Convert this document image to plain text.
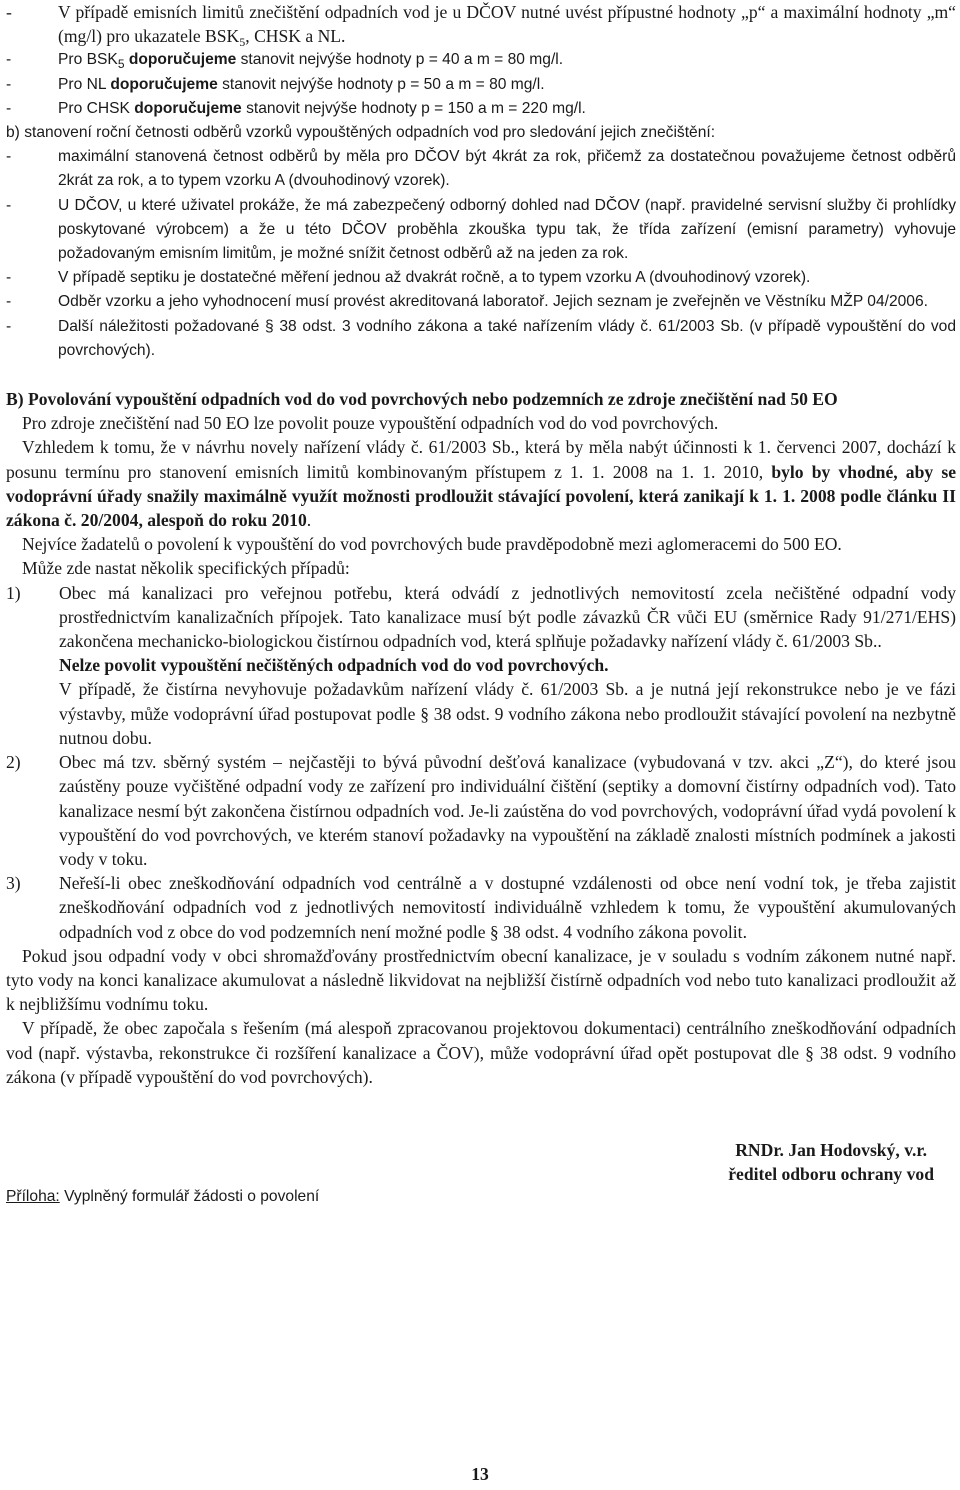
-	V případě emisních limitů znečištění odpadních vod je u DČOV nutné uvést přípustné hodnoty „p“ a maximální hodnoty „m“ (mg/l) pro ukazatele $BSK_5$, CHSK a NL.

-	Pro $BSK_5$ doporučujeme stanovit nejvýše hodnoty p = 40 a m = 80 mg/l.

-	Pro NL doporučujeme stanovit nejvýše hodnoty p = 50 a m = 80 mg/l.

-	Pro CHSK doporučujeme stanovit nejvýše hodnoty p = 150 a m = 220 mg/l.

b) stanovení roční četnosti odběrů vzorků vypouštěných odpadních vod pro sledování jejich znečištění:

-	maximální stanovená četnost odběrů by měla pro DČOV být 4krát za rok, přičemž za dostatečnou považujeme četnost odběrů 2krát za rok, a to typem vzorku A (dvouhodinový vzorek).

-	U DČOV, u které uživatel prokáže, že má zabezpečený odborný dohled nad DČOV (např. pravidelné servisní služby či prohlídky poskytované výrobcem) a že u této DČOV proběhla zkouška typu tak, že třída zařízení (emisní parametry) vyhovuje požadovaným emisním limitům, je možné snížit četnost odběrů až na jeden za rok.

-	V případě septiku je dostatečné měření jednou až dvakrát ročně, a to typem vzorku A (dvouhodinový vzorek).

-	Odběr vzorku a jeho vyhodnocení musí provést akreditovaná laboratoř. Jejich seznam je zveřejněn ve Věstníku MŽP 04/2006.

-	Další náležitosti požadované § 38 odst. 3 vodního zákona a také nařízením vlády č. 61/2003 Sb. (v případě vypouštění do vod povrchových).

B) Povolování vypouštění odpadních vod do vod povrchových nebo podzemních ze zdroje znečištění nad 50 EO

Pro zdroje znečištění nad 50 EO lze povolit pouze vypouštění odpadních vod do vod povrchových.

Vzhledem k tomu, že v návrhu novely nařízení vlády č. 61/2003 Sb., která by měla nabýt účinnosti k 1. červenci 2007, dochází k posunu termínu pro stanovení emisních limitů kombinovaným přístupem z 1. 1. 2008 na 1. 1. 2010, bylo by vhodné, aby se vodoprávní úřady snažily maximálně využít možnosti prodloužit stávající povolení, která zanikají k 1. 1. 2008 podle článku II zákona č. 20/2004, alespoň do roku 2010.

Nejvíce žadatelů o povolení k vypouštění do vod povrchových bude pravděpodobně mezi aglomeracemi do 500 EO.

Může zde nastat několik specifických případů:

1)	Obec má kanalizaci pro veřejnou potřebu, která odvádí z jednotlivých nemovitostí zcela nečištěné odpadní vody prostřednictvím kanalizačních přípojek. Tato kanalizace musí být podle závazků ČR vůči EU (směrnice Rady 91/271/EHS) zakončena mechanicko-biologickou čistírnou odpadních vod, která splňuje požadavky nařízení vlády č. 61/2003 Sb..

Nelze povolit vypouštění nečištěných odpadních vod do vod povrchových.

V případě, že čistírna nevyhovuje požadavkům nařízení vlády č. 61/2003 Sb. a je nutná její rekonstrukce nebo je ve fázi výstavby, může vodoprávní úřad postupovat podle § 38 odst. 9 vodního zákona nebo prodloužit stávající povolení na nezbytně nutnou dobu.

2)	Obec má tzv. sběrný systém – nejčastěji to bývá původní dešťová kanalizace (vybudovaná v tzv. akci „Z“), do které jsou zaústěny pouze vyčištěné odpadní vody ze zařízení pro individuální čištění (septiky a domovní čistírny odpadních vod). Tato kanalizace nesmí být zakončena čistírnou odpadních vod. Je-li zaústěna do vod povrchových, vodoprávní úřad vydá povolení k vypouštění do vod povrchových, ve kterém stanoví požadavky na vypouštění na základě znalosti místních podmínek a jakosti vody v toku.

3)	Neřeší-li obec zneškodňování odpadních vod centrálně a v dostupné vzdálenosti od obce není vodní tok, je třeba zajistit zneškodňování odpadních vod z jednotlivých nemovitostí individuálně vzhledem k tomu, že vypouštění akumulovaných odpadních vod z obce do vod podzemních není možné podle § 38 odst. 4 vodního zákona povolit.

Pokud jsou odpadní vody v obci shromažďovány prostřednictvím obecní kanalizace, je v souladu s vodním zákonem nutné např. tyto vody na konci kanalizace akumulovat a následně likvidovat na nejbližší čistírně odpadních vod nebo tuto kanalizaci prodloužit až k nejbližšímu vodnímu toku.

V případě, že obec započala s řešením (má alespoň zpracovanou projektovou dokumentaci) centrálního zneškodňování odpadních vod (např. výstavba, rekonstrukce či rozšíření kanalizace a ČOV), může vodoprávní úřad opět postupovat dle § 38 odst. 9 vodního zákona (v případě vypouštění do vod povrchových).

RNDr. Jan Hodovský, v.r.
ředitel odboru ochrany vod
Příloha: Vyplněný formulář žádosti o povolení
13
